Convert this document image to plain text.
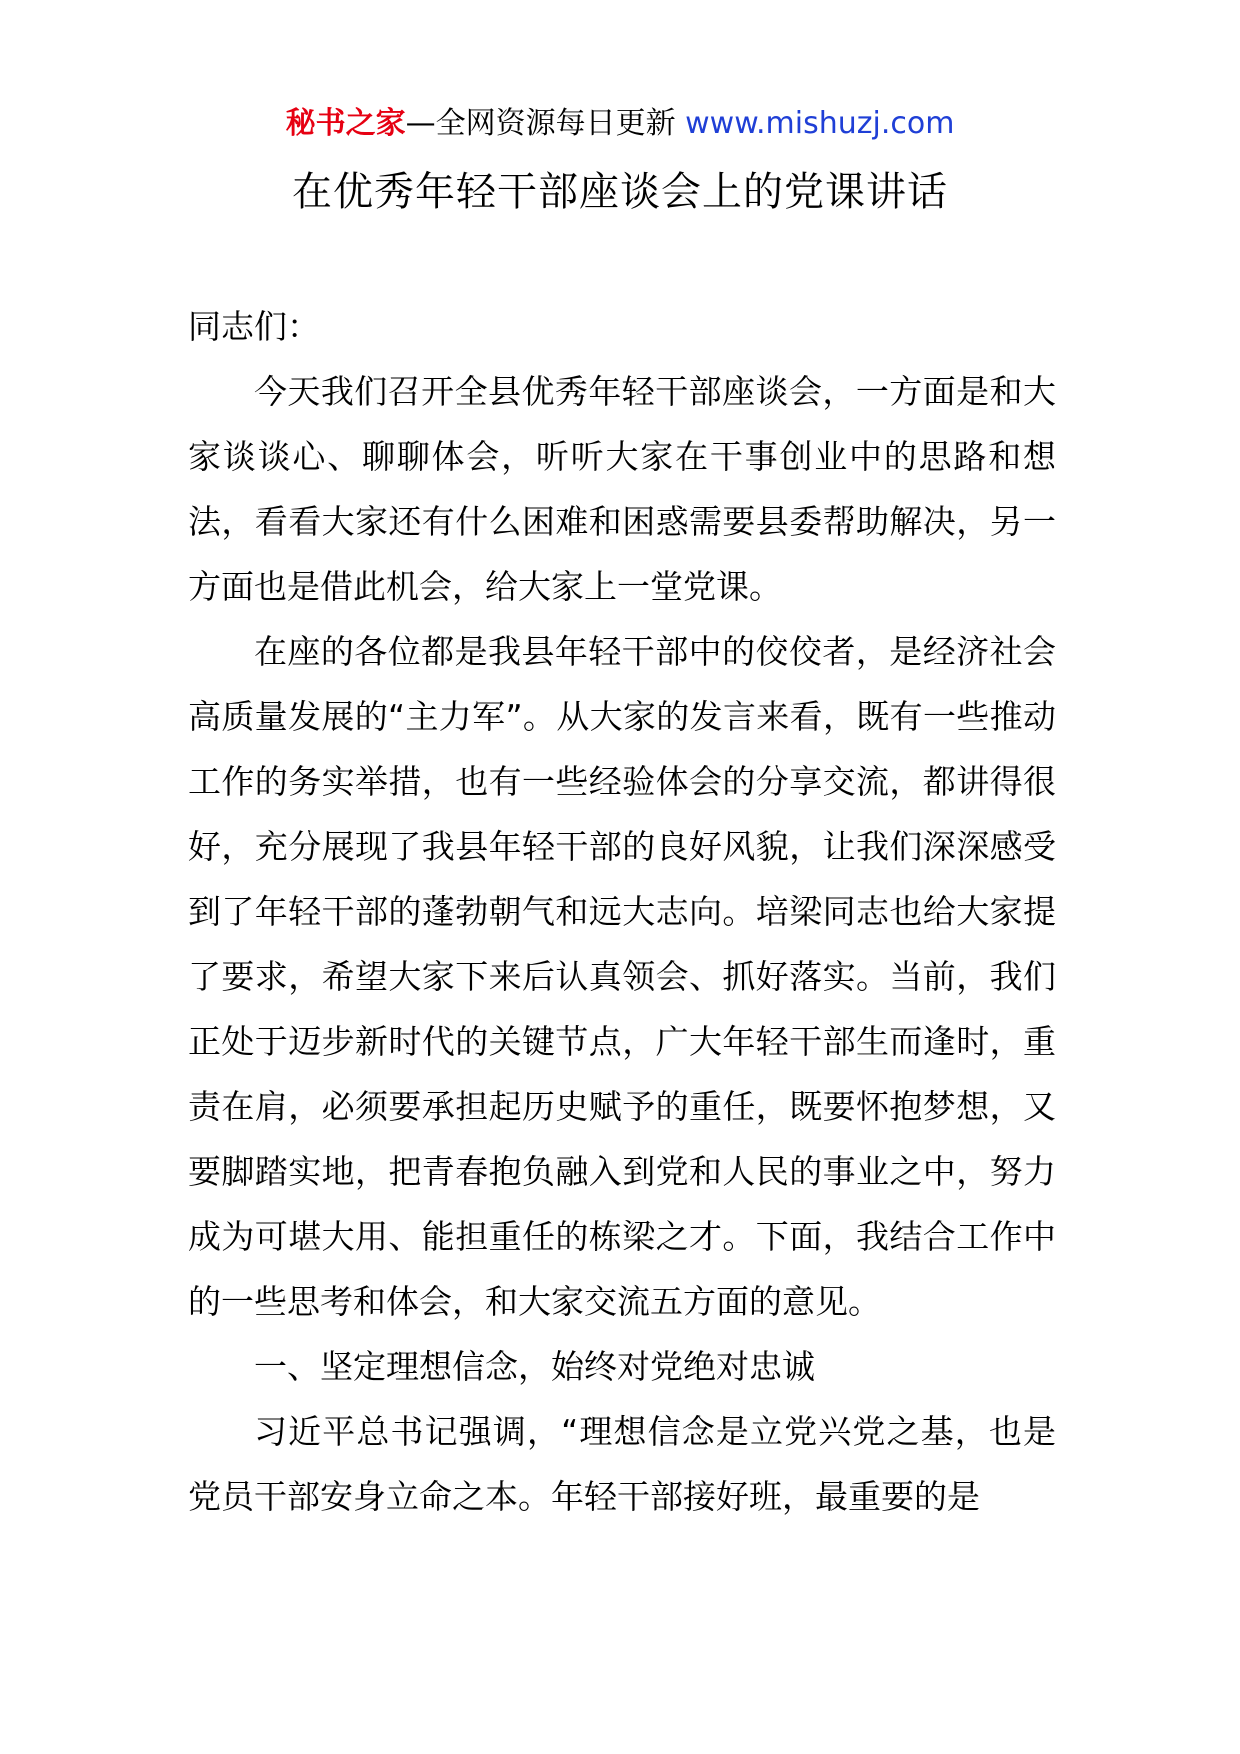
秘书之家—全网资源每日更新 www.mishuzj.com
在优秀年轻干部座谈会上的党课讲话

同志们：

今天我们召开全县优秀年轻干部座谈会，一方面是和大家谈谈心、聊聊体会，听听大家在干事创业中的思路和想法，看看大家还有什么困难和困惑需要县委帮助解决，另一方面也是借此机会，给大家上一堂党课。

在座的各位都是我县年轻干部中的佼佼者，是经济社会高质量发展的“主力军”。从大家的发言来看，既有一些推动工作的务实举措，也有一些经验体会的分享交流，都讲得很好，充分展现了我县年轻干部的良好风貌，让我们深深感受到了年轻干部的蓬勃朝气和远大志向。培梁同志也给大家提了要求，希望大家下来后认真领会、抓好落实。当前，我们正处于迈步新时代的关键节点，广大年轻干部生而逢时，重责在肩，必须要承担起历史赋予的重任，既要怀抱梦想，又要脚踏实地，把青春抱负融入到党和人民的事业之中，努力成为可堪大用、能担重任的栋梁之才。下面，我结合工作中的一些思考和体会，和大家交流五方面的意见。

一、坚定理想信念，始终对党绝对忠诚

习近平总书记强调，“理想信念是立党兴党之基，也是党员干部安身立命之本。年轻干部接好班，最重要的是
